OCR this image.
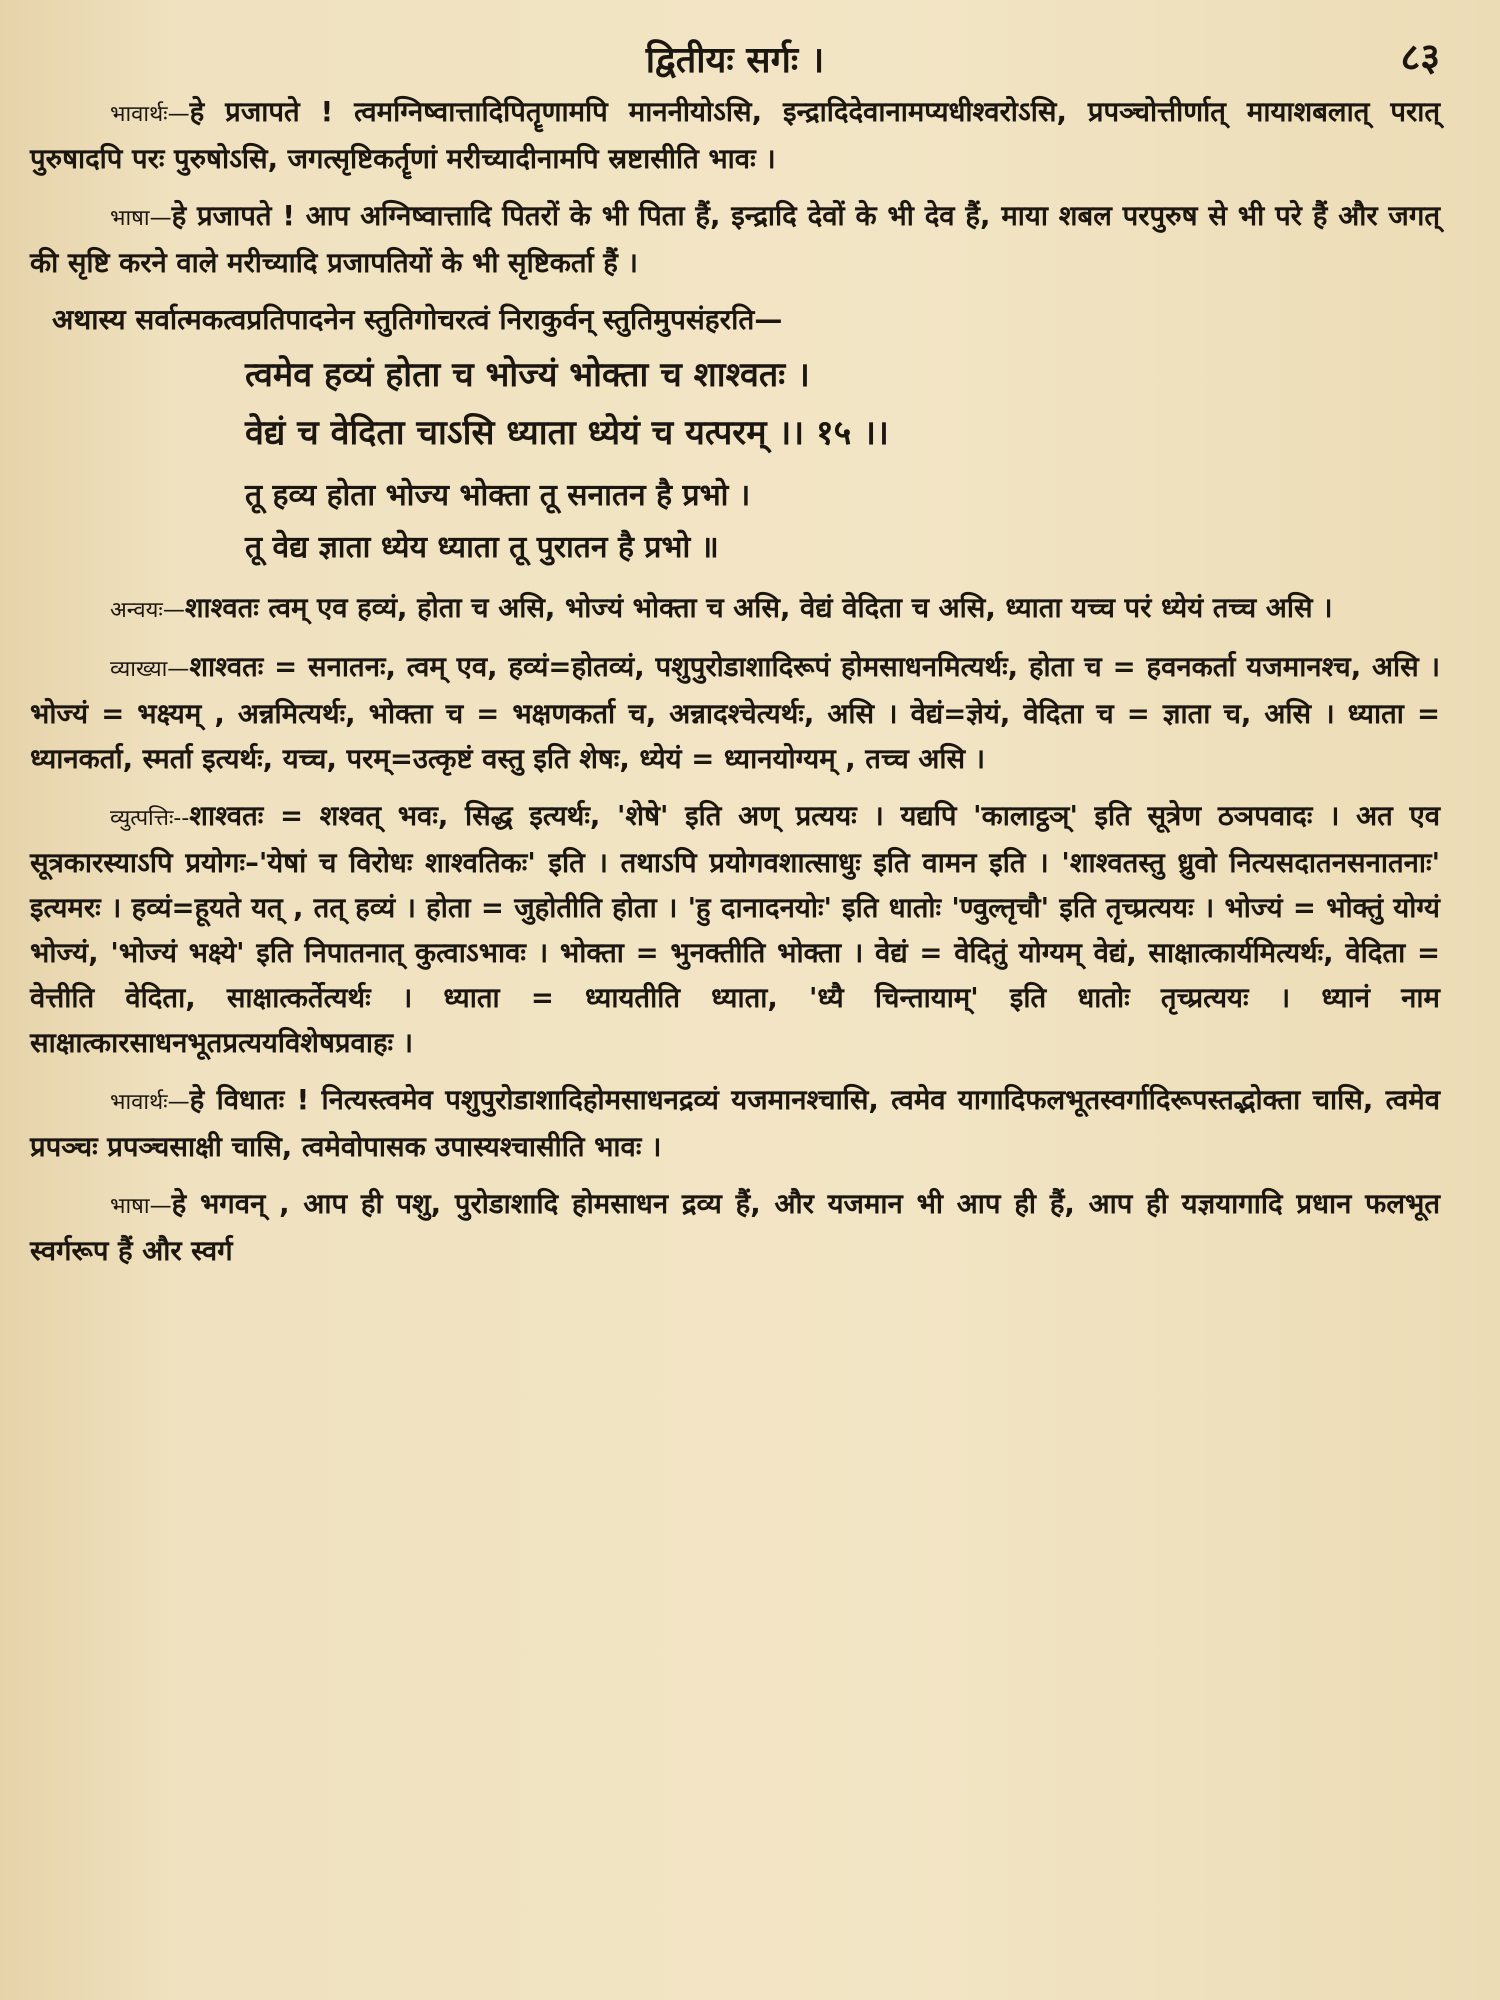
द्वितीयः सर्गः ।	८३

भावार्थः—हे प्रजापते ! त्वमग्निष्वात्तादिपितॄणामपि माननीयोऽसि, इन्द्रादिदेवानामप्यधीश्वरोऽसि, प्रपञ्चोत्तीर्णात् मायाशबलात् परात् पुरुषादपि परः पुरुषोऽसि, जगत्सृष्टिकर्तॄणां मरीच्यादीनामपि स्रष्टासीति भावः ।

भाषा—हे प्रजापते ! आप अग्निष्वात्तादि पितरों के भी पिता हैं, इन्द्रादि देवों के भी देव हैं, माया शबल परपुरुष से भी परे हैं और जगत् की सृष्टि करने वाले मरीच्यादि प्रजापतियों के भी सृष्टिकर्ता हैं ।

अथास्य सर्वात्मकत्वप्रतिपादनेन स्तुतिगोचरत्वं निराकुर्वन् स्तुतिमुपसंहरति—
त्वमेव हव्यं होता च भोज्यं भोक्ता च शाश्वतः ।
वेद्यं च वेदिता चाऽसि ध्याता ध्येयं च यत्परम् ।। १५ ।।
तू हव्य होता भोज्य भोक्ता तू सनातन है प्रभो ।
तू वेद्य ज्ञाता ध्येय ध्याता तू पुरातन है प्रभो ॥

अन्वयः—शाश्वतः त्वम् एव हव्यं, होता च असि, भोज्यं भोक्ता च असि, वेद्यं वेदिता च असि, ध्याता यच्च परं ध्येयं तच्च असि ।

व्याख्या—शाश्वतः = सनातनः, त्वम् एव, हव्यं=होतव्यं, पशुपुरोडाशादिरूपं होमसाधनमित्यर्थः, होता च = हवनकर्ता यजमानश्च, असि । भोज्यं = भक्ष्यम् , अन्नमित्यर्थः, भोक्ता च = भक्षणकर्ता च, अन्नादश्चेत्यर्थः, असि । वेद्यं=ज्ञेयं, वेदिता च = ज्ञाता च, असि । ध्याता = ध्यानकर्ता, स्मर्ता इत्यर्थः, यच्च, परम्=उत्कृष्टं वस्तु इति शेषः, ध्येयं = ध्यानयोग्यम् , तच्च असि ।

व्युत्पत्तिः--शाश्वतः = शश्वत् भवः, सिद्ध इत्यर्थः, 'शेषे' इति अण् प्रत्ययः । यद्यपि 'कालाट्ठञ्' इति सूत्रेण ठञपवादः । अत एव सूत्रकारस्याऽपि प्रयोगः–'येषां च विरोधः शाश्वतिकः' इति । तथाऽपि प्रयोगवशात्साधुः इति वामन इति । 'शाश्वतस्तु ध्रुवो नित्यसदातनसनातनाः' इत्यमरः । हव्यं=हूयते यत् , तत् हव्यं । होता = जुहोतीति होता । 'हु दानादनयोः' इति धातोः 'ण्वुल्तृचौ' इति तृच्प्रत्ययः । भोज्यं = भोक्तुं योग्यं भोज्यं, 'भोज्यं भक्ष्ये' इति निपातनात् कुत्वाऽभावः । भोक्ता = भुनक्तीति भोक्ता । वेद्यं = वेदितुं योग्यम् वेद्यं, साक्षात्कार्यमित्यर्थः, वेदिता = वेत्तीति वेदिता, साक्षात्कर्तेत्यर्थः । ध्याता = ध्यायतीति ध्याता, 'ध्यै चिन्तायाम्' इति धातोः तृच्प्रत्ययः । ध्यानं नाम साक्षात्कारसाधनभूतप्रत्ययविशेषप्रवाहः ।

भावार्थः—हे विधातः ! नित्यस्त्वमेव पशुपुरोडाशादिहोमसाधनद्रव्यं यजमानश्चासि, त्वमेव यागादिफलभूतस्वर्गादिरूपस्तद्भोक्ता चासि, त्वमेव प्रपञ्चः प्रपञ्चसाक्षी चासि, त्वमेवोपासक उपास्यश्चासीति भावः ।

भाषा—हे भगवन् , आप ही पशु, पुरोडाशादि होमसाधन द्रव्य हैं, और यजमान भी आप ही हैं, आप ही यज्ञयागादि प्रधान फलभूत स्वर्गरूप हैं और स्वर्ग
